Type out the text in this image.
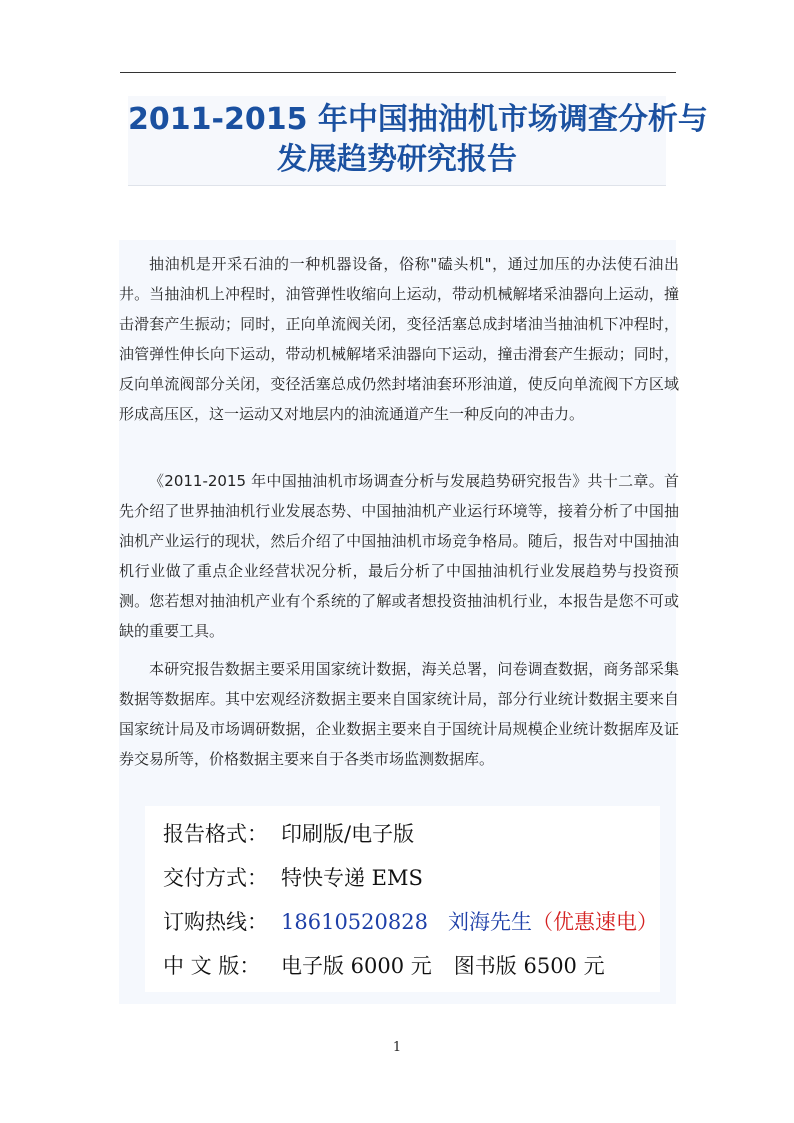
2011-2015 年中国抽油机市场调查分析与
发展趋势研究报告

抽油机是开采石油的一种机器设备，俗称"磕头机"，通过加压的办法使石油出井。当抽油机上冲程时，油管弹性收缩向上运动，带动机械解堵采油器向上运动，撞击滑套产生振动；同时，正向单流阀关闭，变径活塞总成封堵油当抽油机下冲程时，油管弹性伸长向下运动，带动机械解堵采油器向下运动，撞击滑套产生振动；同时，反向单流阀部分关闭，变径活塞总成仍然封堵油套环形油道，使反向单流阀下方区域形成高压区，这一运动又对地层内的油流通道产生一种反向的冲击力。

《2011-2015 年中国抽油机市场调查分析与发展趋势研究报告》共十二章。首先介绍了世界抽油机行业发展态势、中国抽油机产业运行环境等，接着分析了中国抽油机产业运行的现状，然后介绍了中国抽油机市场竞争格局。随后，报告对中国抽油机行业做了重点企业经营状况分析，最后分析了中国抽油机行业发展趋势与投资预测。您若想对抽油机产业有个系统的了解或者想投资抽油机行业，本报告是您不可或缺的重要工具。

本研究报告数据主要采用国家统计数据，海关总署，问卷调查数据，商务部采集数据等数据库。其中宏观经济数据主要来自国家统计局，部分行业统计数据主要来自国家统计局及市场调研数据，企业数据主要来自于国统计局规模企业统计数据库及证券交易所等，价格数据主要来自于各类市场监测数据库。

报告格式： 印刷版/电子版
交付方式： 特快专递 EMS
订购热线： 18610520828 刘海先生（优惠速电）
中 文 版： 电子版 6000 元 图书版 6500 元
1
